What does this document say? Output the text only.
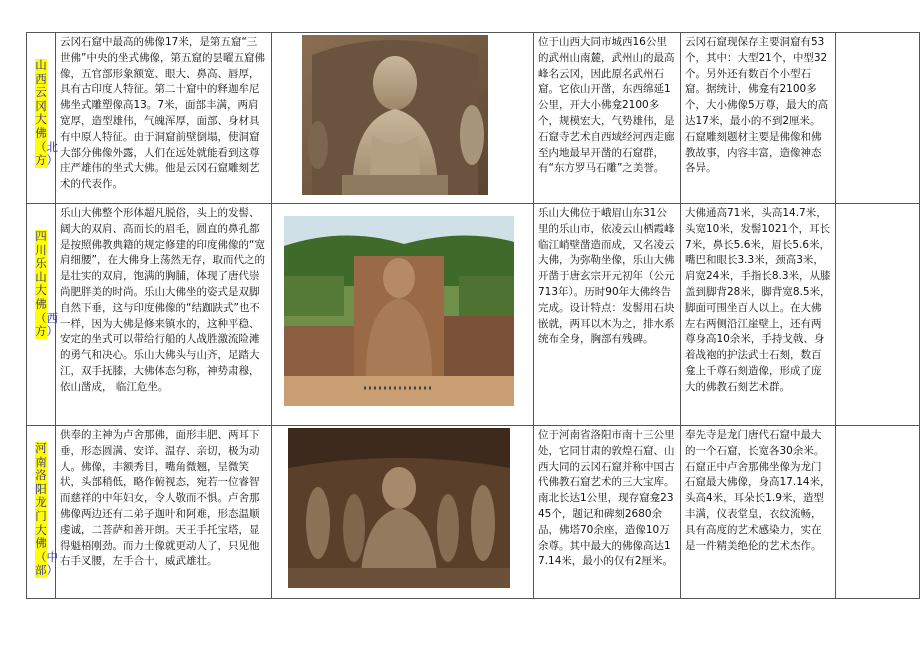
山西云冈大佛（北方）	云冈石窟中最高的佛像17米，是第五窟“三世佛”中央的坐式佛像，第五窟的昙曜五窟佛像，五官部形象额宽、眼大、鼻高、唇厚，具有古印度人特征。第二十窟中的释迦牟尼佛坐式雕塑像高13。7米，面部丰满，两肩宽厚，造型雄伟，气魄浑厚，面部、身材具有中原人特征。由于洞窟前壁倒塌，使洞窟大部分佛像外露，人们在远处就能看到这尊庄严雄伟的坐式大佛。他是云冈石窟雕刻艺术的代表作。		位于山西大同市城西16公里的武州山南麓，武州山的最高峰名云冈，因此原名武州石窟。它依山开凿，东西绵延1公里，开大小佛龛2100多个，规模宏大，气势雄伟，是石窟寺艺术自西域经河西走廊至内地最早开凿的石窟群，有“东方罗马石雕”之美誉。	云冈石窟现保存主要洞窟有53个，其中：大型21个，中型32个。另外还有数百个小型石窟。据统计，佛龛有2100多个，大小佛像5万尊，最大的高达17米，最小的不到2厘米。石窟雕刻题材主要是佛像和佛教故事，内容丰富，造像神态各异。	

四川乐山大佛（西方）	乐山大佛整个形体超凡脱俗，头上的发髻、阔大的双肩、高而长的眉毛，圆直的鼻孔都是按照佛教典籍的规定修建的印度佛像的“宽肩细腰”，在大佛身上荡然无存，取而代之的是壮实的双肩，饱满的胸脯，体现了唐代崇尚肥胖美的时尚。乐山大佛坐的姿式是双脚自然下垂，这与印度佛像的“结跏趺式”也不一样，因为大佛是修来镇水的，这种平稳、安定的坐式可以带给行船的人战胜激流险滩的勇气和决心。乐山大佛头与山齐，足踏大江，双手抚膝，大佛体态匀称，神势肃穆，依山凿成， 临江危坐。		乐山大佛位于峨眉山东31公里的乐山市，依凌云山栖霞峰临江峭壁凿造而成，又名凌云大佛，为弥勒坐像，乐山大佛开凿于唐玄宗开元初年（公元713年）。历时90年大佛终告完成。设计特点：发髻用石块嵌就，两耳以木为之，排水系统布全身，胸部有残碑。	大佛通高71米，头高14.7米，头宽10米，发髻1021个，耳长7米，鼻长5.6米，眉长5.6米，嘴巴和眼长3.3米，颈高3米，肩宽24米，手指长8.3米，从膝盖到脚背28米，脚背宽8.5米，脚面可围坐百人以上。在大佛左右两侧沿江崖壁上，还有两尊身高10余米，手持戈戟、身着战袍的护法武士石刻，数百龛上千尊石刻造像，形成了庞大的佛教石刻艺术群。	

河南洛阳龙门大佛（中部）	供奉的主神为卢舍那佛，面形丰肥、两耳下垂，形态圆满、安详、温存、亲切，极为动人。佛像，丰额秀目，嘴角微翘，呈微笑状，头部稍低，略作俯视态，宛若一位睿智而慈祥的中年妇女，令人敬而不惧。卢舍那佛像两边还有二弟子迦叶和阿难，形态温顺虔诚，二菩萨和善开朗。天王手托宝塔，显得魁梧刚劲。而力士像就更动人了，只见他右手叉腰，左手合十，威武雄壮。		位于河南省洛阳市南十三公里处，它同甘肃的敦煌石窟、山西大同的云冈石窟并称中国古代佛教石窟艺术的三大宝库。南北长达1公里，现存窟龛2345个，题记和碑刻2680余品，佛塔70余座，造像10万余尊。其中最大的佛像高达17.14米，最小的仅有2厘米。	奉先寺是龙门唐代石窟中最大的一个石窟，长宽各30余米。石窟正中卢舍那佛坐像为龙门石窟最大佛像，身高17.14米，头高4米，耳朵长1.9米，造型丰满，仪表堂皇，衣纹流畅，具有高度的艺术感染力，实在是一件精美绝伦的艺术杰作。	
